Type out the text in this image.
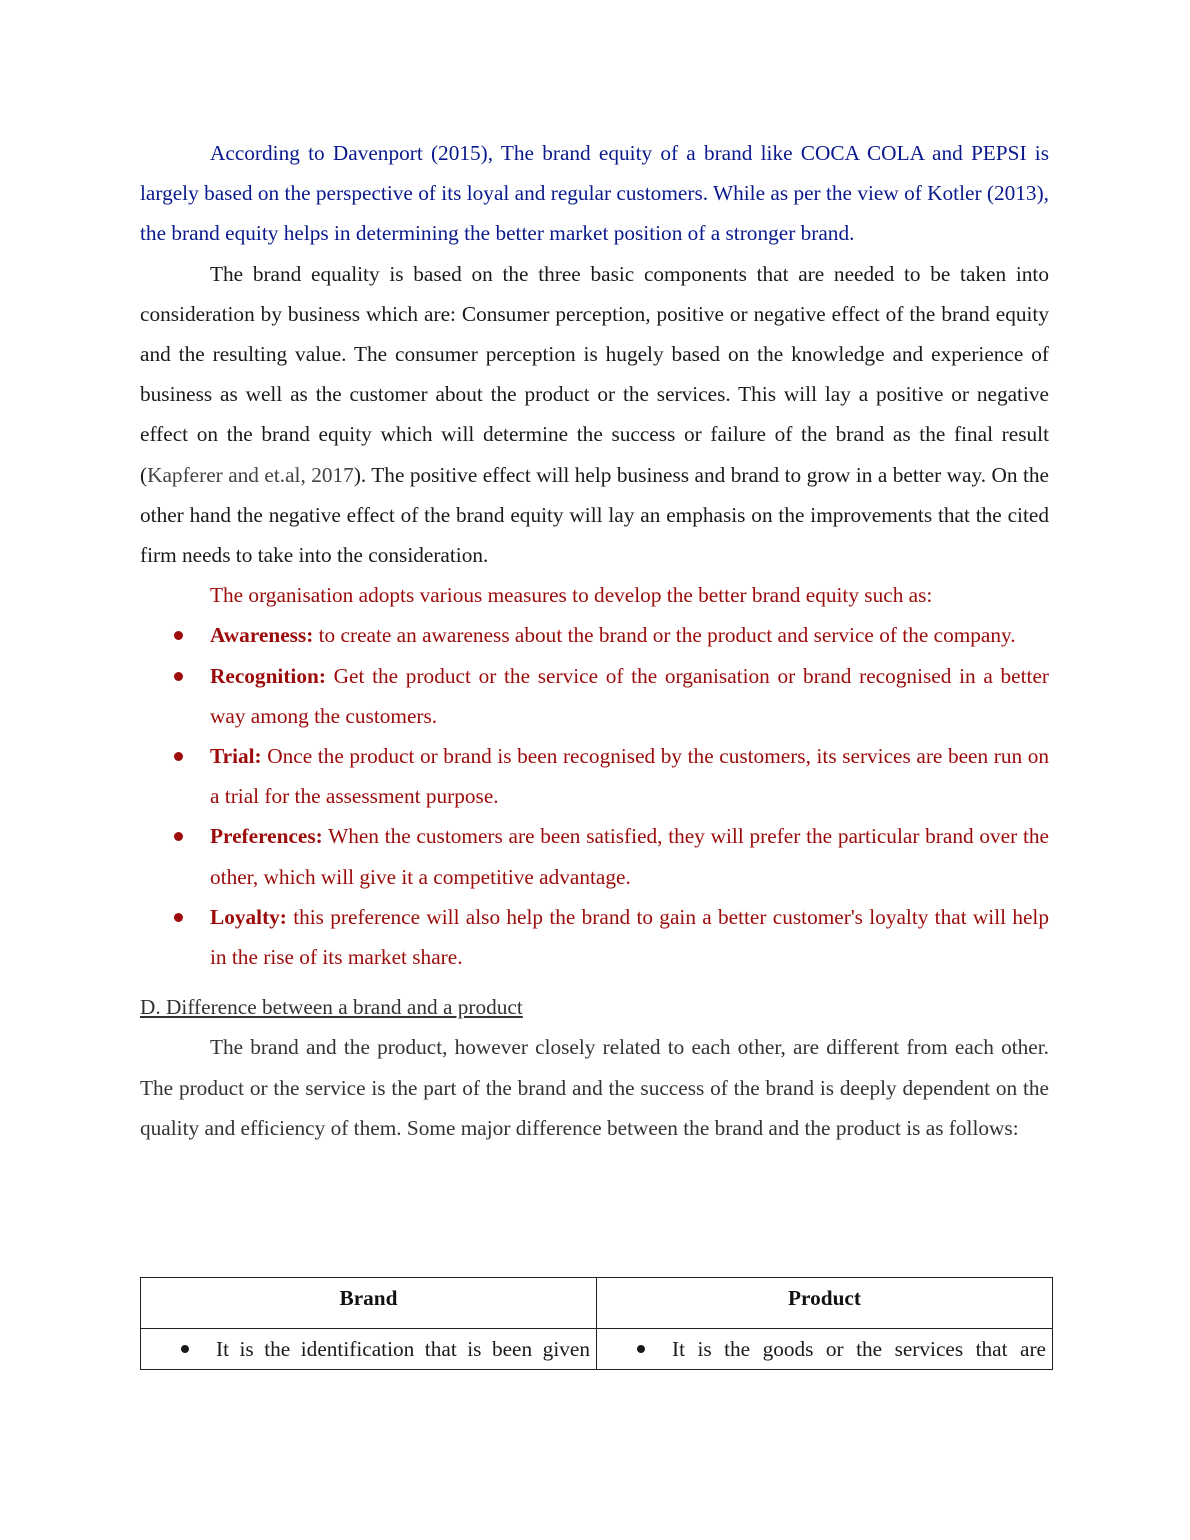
According to Davenport (2015), The brand equity of a brand like COCA COLA and PEPSI is largely based on the perspective of its loyal and regular customers. While as per the view of Kotler (2013), the brand equity helps in determining the better market position of a stronger brand.

The brand equality is based on the three basic components that are needed to be taken into consideration by business which are: Consumer perception, positive or negative effect of the brand equity and the resulting value. The consumer perception is hugely based on the knowledge and experience of business as well as the customer about the product or the services. This will lay a positive or negative effect on the brand equity which will determine the success or failure of the brand as the final result (Kapferer and et.al, 2017). The positive effect will help business and brand to grow in a better way. On the other hand the negative effect of the brand equity will lay an emphasis on the improvements that the cited firm needs to take into the consideration.

The organisation adopts various measures to develop the better brand equity such as:

Awareness: to create an awareness about the brand or the product and service of the company.
Recognition: Get the product or the service of the organisation or brand recognised in a better way among the customers.
Trial: Once the product or brand is been recognised by the customers, its services are been run on a trial for the assessment purpose.
Preferences: When the customers are been satisfied, they will prefer the particular brand over the other, which will give it a competitive advantage.
Loyalty: this preference will also help the brand to gain a better customer's loyalty that will help in the rise of its market share.
D. Difference between a brand and a product

The brand and the product, however closely related to each other, are different from each other. The product or the service is the part of the brand and the success of the brand is deeply dependent on the quality and efficiency of them. Some major difference between the brand and the product is as follows:

Brand	Product

It is the identification that is been given	It is the goods or the services that are
